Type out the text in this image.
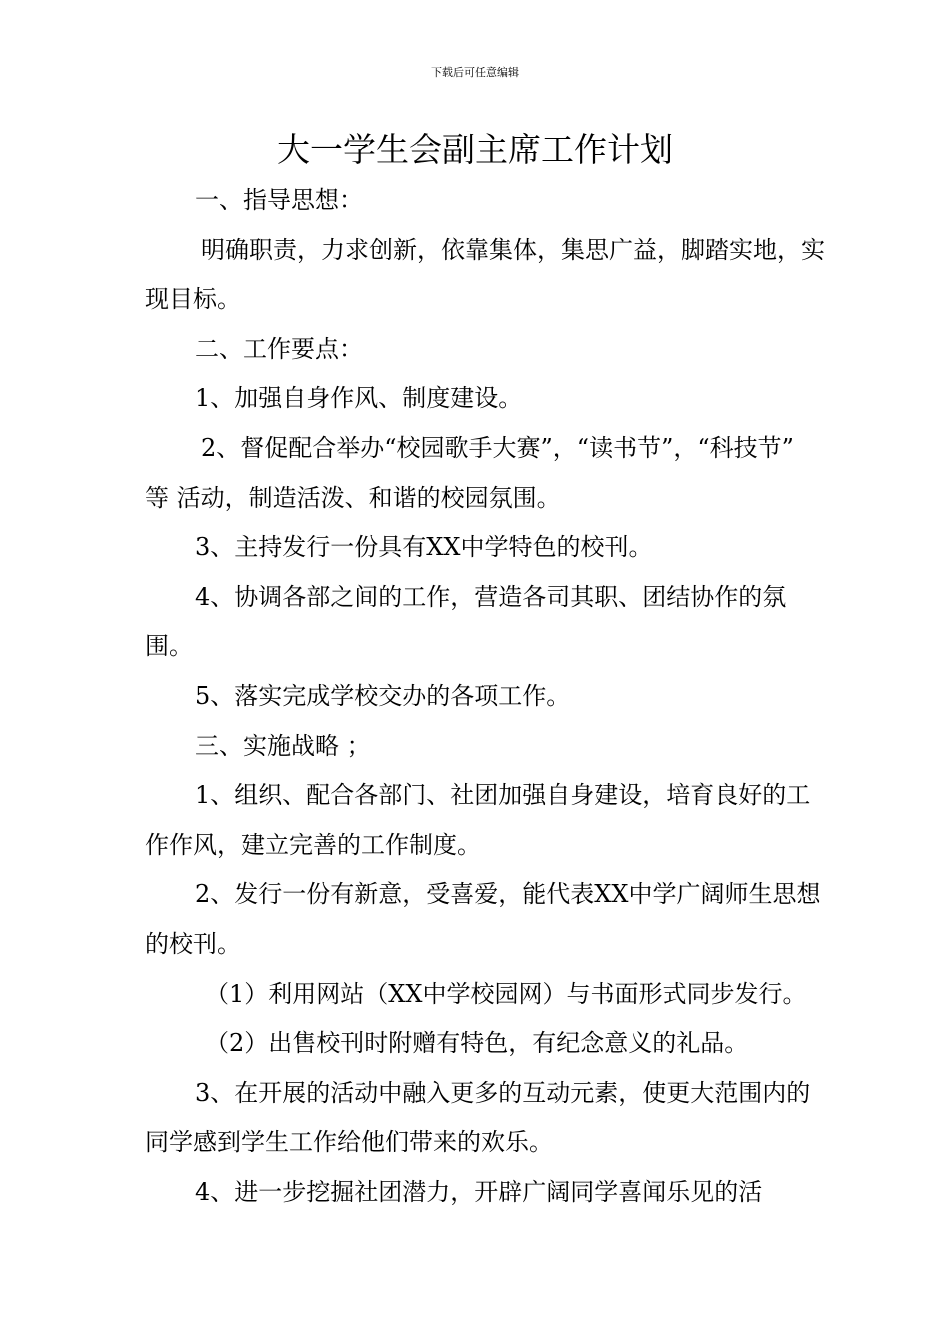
下载后可任意编辑
大一学生会副主席工作计划

一、指导思想：

明确职责，力求创新，依靠集体，集思广益，脚踏实地，实现目标。

二、工作要点：

1、加强自身作风、制度建设。

2、督促配合举办“校园歌手大赛”，“读书节”，“科技节” 等 活动，制造活泼、和谐的校园氛围。

3、主持发行一份具有XX中学特色的校刊。

4、协调各部之间的工作，营造各司其职、团结协作的氛围。

5、落实完成学校交办的各项工作。

三、实施战略 ；

1、组织、配合各部门、社团加强自身建设，培育良好的工作作风，建立完善的工作制度。

2、发行一份有新意，受喜爱，能代表XX中学广阔师生思想的校刊。

（1）利用网站（XX中学校园网）与书面形式同步发行。

（2）出售校刊时附赠有特色，有纪念意义的礼品。

3、在开展的活动中融入更多的互动元素，使更大范围内的同学感到学生工作给他们带来的欢乐。

4、进一步挖掘社团潜力，开辟广阔同学喜闻乐见的活
